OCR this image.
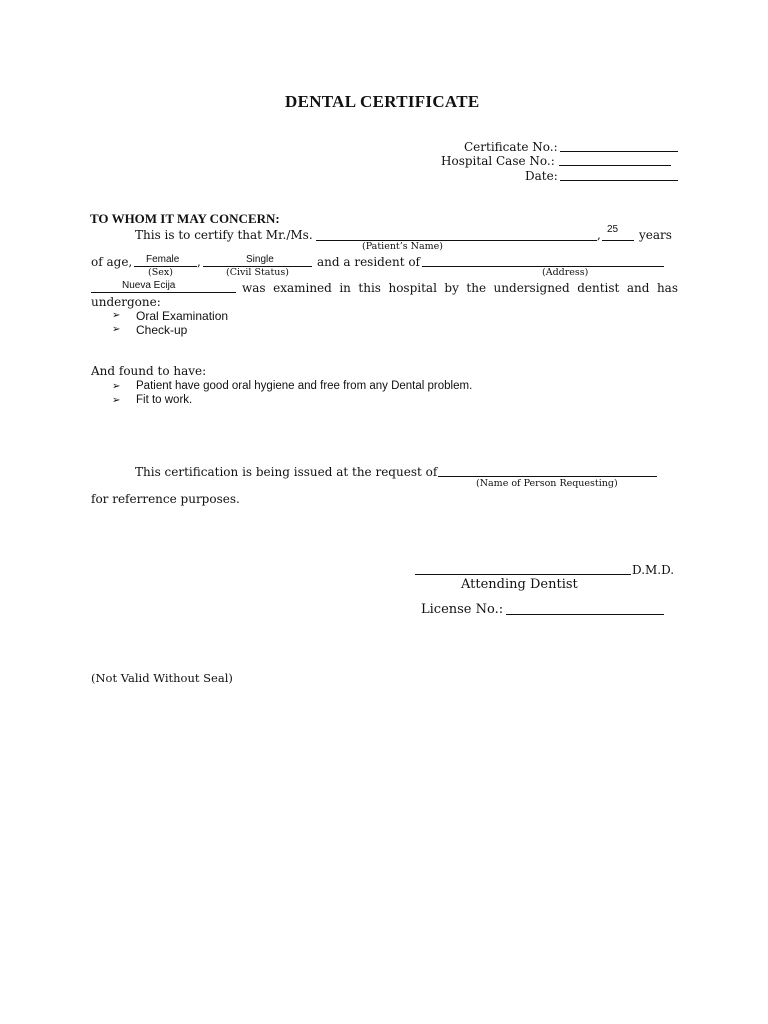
DENTAL CERTIFICATE
Certificate No.:
Hospital Case No.:
Date:
TO WHOM IT MAY CONCERN:
This is to certify that Mr./Ms.	, 25 years
(Patient’s Name)
of age, Female ,	Single	and a resident of
(Sex)	(Civil Status)	(Address)
Nueva Ecija	was examined in this hospital by the undersigned dentist and has
undergone:
➢ Oral Examination
➢ Check-up
And found to have:
➢ Patient have good oral hygiene and free from any Dental problem.
➢ Fit to work.
This certification is being issued at the request of
(Name of Person Requesting)
for referrence purposes.
D.M.D.
Attending Dentist
License No.:
(Not Valid Without Seal)
